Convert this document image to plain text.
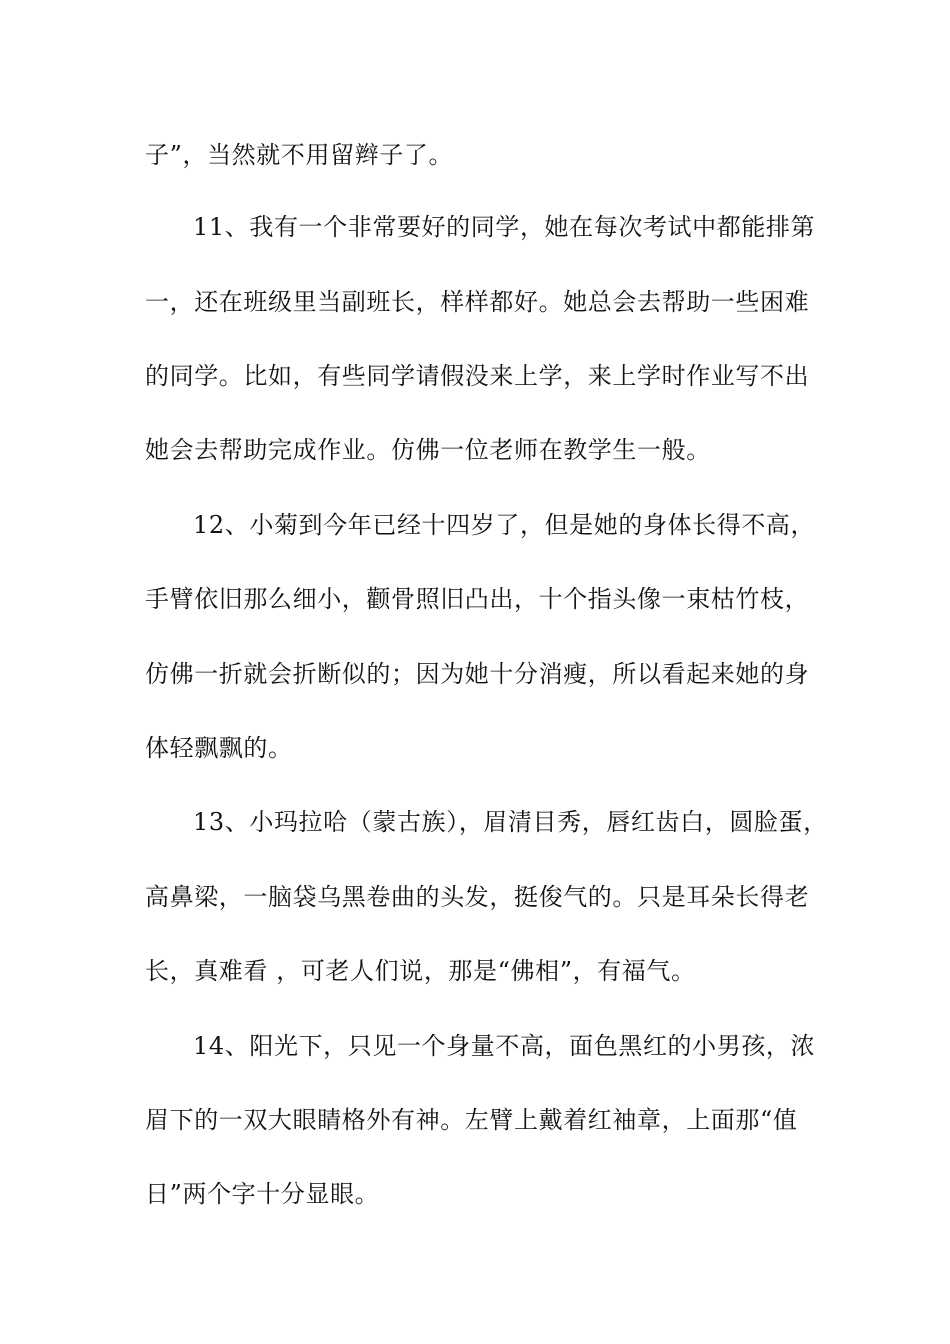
子”，当然就不用留辫子了。
11、我有一个非常要好的同学，她在每次考试中都能排第
一，还在班级里当副班长，样样都好。她总会去帮助一些困难
的同学。比如，有些同学请假没来上学，来上学时作业写不出
她会去帮助完成作业。仿佛一位老师在教学生一般。
12、小菊到今年已经十四岁了，但是她的身体长得不高，
手臂依旧那么细小，颧骨照旧凸出，十个指头像一束枯竹枝，
仿佛一折就会折断似的；因为她十分消瘦，所以看起来她的身
体轻飘飘的。
13、小玛拉哈（蒙古族），眉清目秀，唇红齿白，圆脸蛋，
高鼻梁，一脑袋乌黑卷曲的头发，挺俊气的。只是耳朵长得老
长，真难看 ，可老人们说，那是“佛相”，有福气。
14、阳光下，只见一个身量不高，面色黑红的小男孩，浓
眉下的一双大眼睛格外有神。左臂上戴着红袖章，上面那“值
日”两个字十分显眼。
